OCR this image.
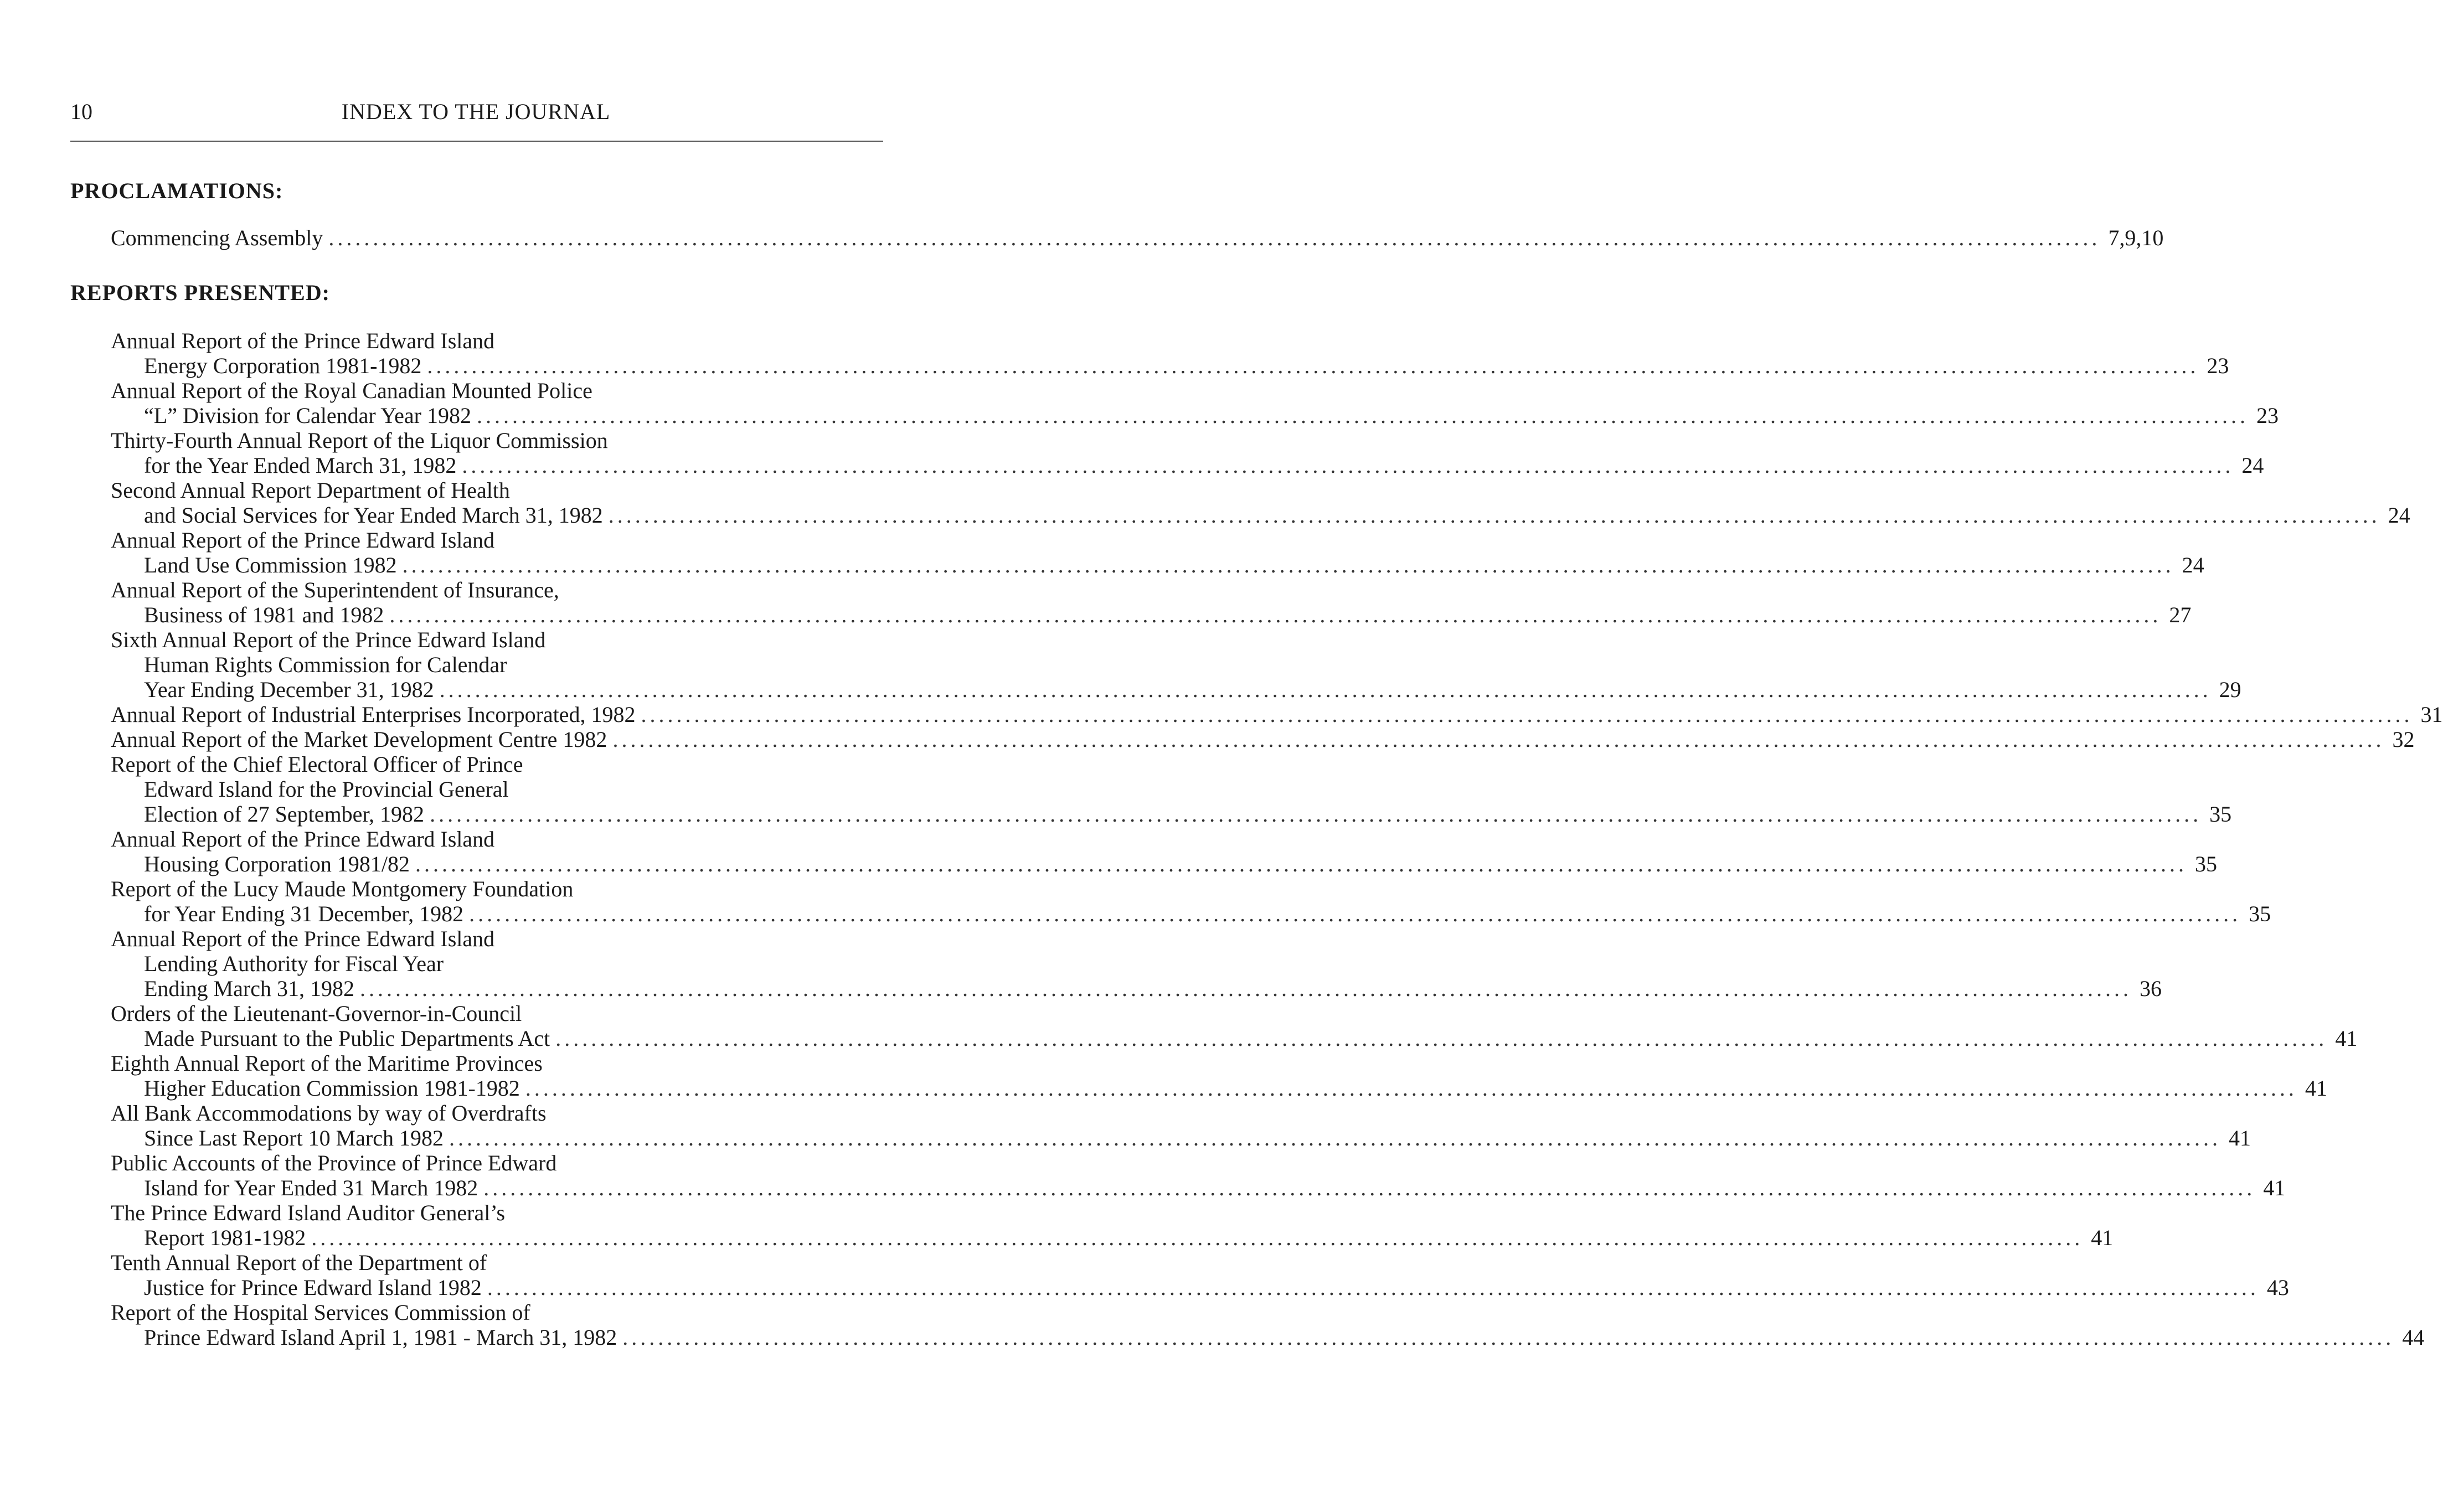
10	INDEX TO THE JOURNAL
PROCLAMATIONS:
Commencing Assembly ........................................................................................................................................................................................................ 7,9,10
REPORTS PRESENTED:
Annual Report of the Prince Edward Island
Energy Corporation 1981-1982 ........................................................................................................................................................................................................ 23
Annual Report of the Royal Canadian Mounted Police
“L” Division for Calendar Year 1982 ........................................................................................................................................................................................................ 23
Thirty-Fourth Annual Report of the Liquor Commission
for the Year Ended March 31, 1982 ........................................................................................................................................................................................................ 24
Second Annual Report Department of Health
and Social Services for Year Ended March 31, 1982 ........................................................................................................................................................................................................ 24
Annual Report of the Prince Edward Island
Land Use Commission 1982 ........................................................................................................................................................................................................ 24
Annual Report of the Superintendent of Insurance,
Business of 1981 and 1982 ........................................................................................................................................................................................................ 27
Sixth Annual Report of the Prince Edward Island
Human Rights Commission for Calendar
Year Ending December 31, 1982 ........................................................................................................................................................................................................ 29
Annual Report of Industrial Enterprises Incorporated, 1982 ........................................................................................................................................................................................................ 31
Annual Report of the Market Development Centre 1982 ........................................................................................................................................................................................................ 32
Report of the Chief Electoral Officer of Prince
Edward Island for the Provincial General
Election of 27 September, 1982 ........................................................................................................................................................................................................ 35
Annual Report of the Prince Edward Island
Housing Corporation 1981/82 ........................................................................................................................................................................................................ 35
Report of the Lucy Maude Montgomery Foundation
for Year Ending 31 December, 1982 ........................................................................................................................................................................................................ 35
Annual Report of the Prince Edward Island
Lending Authority for Fiscal Year
Ending March 31, 1982 ........................................................................................................................................................................................................ 36
Orders of the Lieutenant-Governor-in-Council
Made Pursuant to the Public Departments Act ........................................................................................................................................................................................................ 41
Eighth Annual Report of the Maritime Provinces
Higher Education Commission 1981-1982 ........................................................................................................................................................................................................ 41
All Bank Accommodations by way of Overdrafts
Since Last Report 10 March 1982 ........................................................................................................................................................................................................ 41
Public Accounts of the Province of Prince Edward
Island for Year Ended 31 March 1982 ........................................................................................................................................................................................................ 41
The Prince Edward Island Auditor General’s
Report 1981-1982 ........................................................................................................................................................................................................ 41
Tenth Annual Report of the Department of
Justice for Prince Edward Island 1982 ........................................................................................................................................................................................................ 43
Report of the Hospital Services Commission of
Prince Edward Island April 1, 1981 - March 31, 1982 ........................................................................................................................................................................................................ 44
